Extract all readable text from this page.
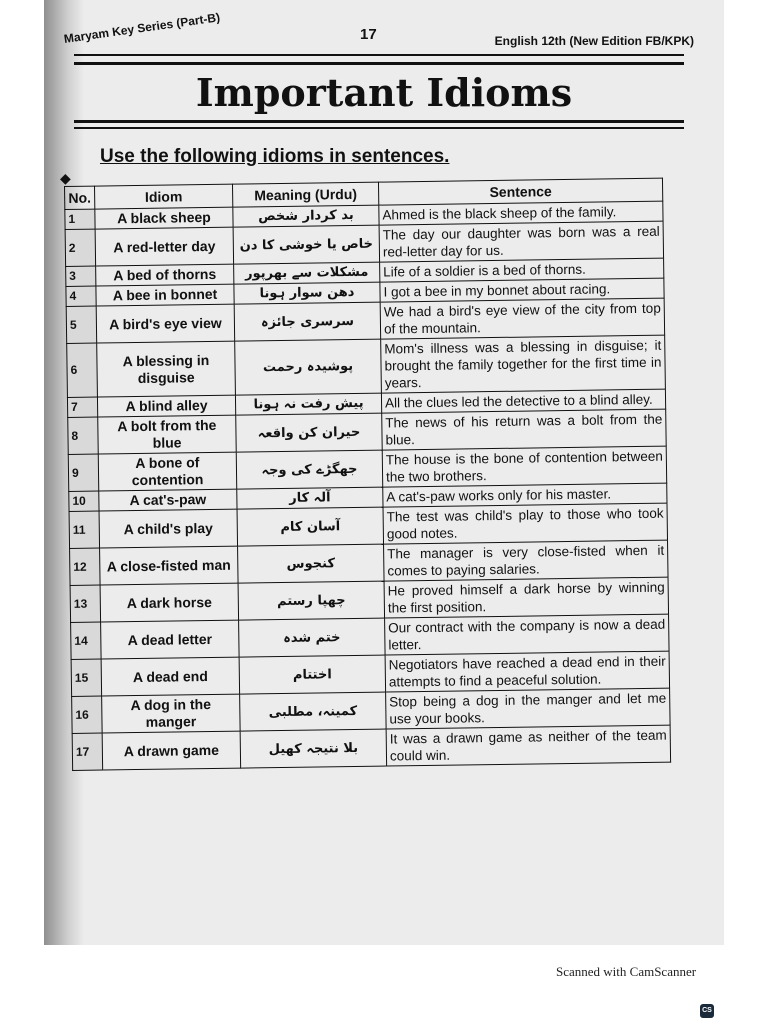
Maryam Key Series (Part-B)	17	English 12th (New Edition FB/KPK)
Important Idioms
◆
Use the following idioms in sentences.
No.	Idiom	Meaning (Urdu)	Sentence
1	A black sheep	بد کردار شخص	Ahmed is the black sheep of the family.
2	A red-letter day	خاص یا خوشی کا دن	The day our daughter was born was a real red-letter day for us.
3	A bed of thorns	مشکلات سے بھرپور	Life of a soldier is a bed of thorns.
4	A bee in bonnet	دھن سوار ہونا	I got a bee in my bonnet about racing.
5	A bird's eye view	سرسری جائزہ	We had a bird's eye view of the city from top of the mountain.
6	A blessing in disguise	پوشیدہ رحمت	Mom's illness was a blessing in disguise; it brought the family together for the first time in years.
7	A blind alley	پیش رفت نہ ہونا	All the clues led the detective to a blind alley.
8	A bolt from the blue	حیران کن واقعہ	The news of his return was a bolt from the blue.
9	A bone of contention	جھگڑے کی وجہ	The house is the bone of contention between the two brothers.
10	A cat's-paw	آلہ کار	A cat's-paw works only for his master.
11	A child's play	آسان کام	The test was child's play to those who took good notes.
12	A close-fisted man	کنجوس	The manager is very close-fisted when it comes to paying salaries.
13	A dark horse	چھپا رستم	He proved himself a dark horse by winning the first position.
14	A dead letter	ختم شدہ	Our contract with the company is now a dead letter.
15	A dead end	اختتام	Negotiators have reached a dead end in their attempts to find a peaceful solution.
16	A dog in the manger	کمینہ، مطلبی	Stop being a dog in the manger and let me use your books.
17	A drawn game	بلا نتیجہ کھیل	It was a drawn game as neither of the team could win.
Scanned with CamScanner
CS
